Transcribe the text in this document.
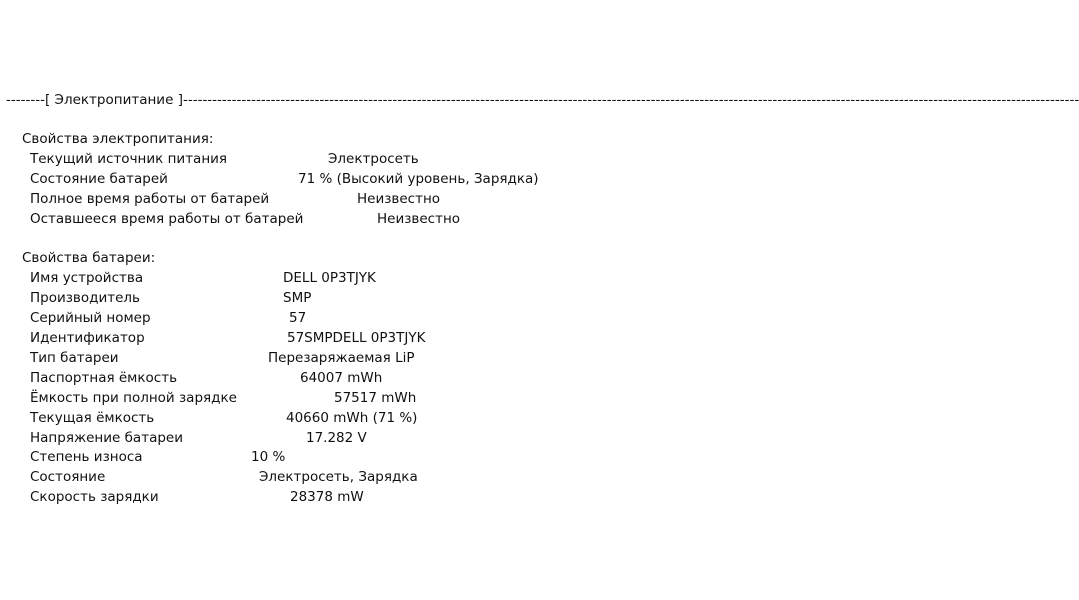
--------[ Электропитание ]----------------------------------------------------------------------------------------------------------------------------------------------------------------------------------------
Свойства электропитания:
Текущий источник питания	Электросеть
Состояние батарей	71 % (Высокий уровень, Зарядка)
Полное время работы от батарей	Неизвестно
Оставшееся время работы от батарей	Неизвестно
Свойства батареи:
Имя устройства	DELL 0P3TJYK
Производитель	SMP
Серийный номер	57
Идентификатор	57SMPDELL 0P3TJYK
Тип батареи	Перезаряжаемая LiP
Паспортная ёмкость	64007 mWh
Ёмкость при полной зарядке	57517 mWh
Текущая ёмкость	40660 mWh (71 %)
Напряжение батареи	17.282 V
Степень износа	10 %
Состояние	Электросеть, Зарядка
Скорость зарядки	28378 mW
